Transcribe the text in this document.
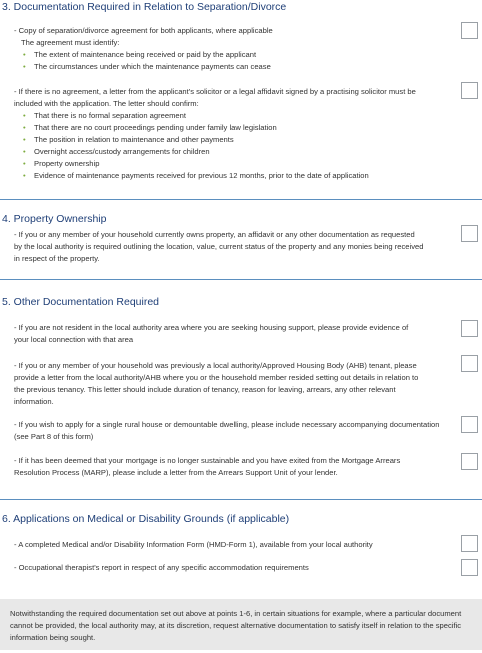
3. Documentation Required in Relation to Separation/Divorce

- Copy of separation/divorce agreement for both applicants, where applicable

The agreement must identify:

• The extent of maintenance being received or paid by the applicant
• The circumstances under which the maintenance payments can cease

- If there is no agreement, a letter from the applicant's solicitor or a legal affidavit signed by a practising solicitor must be included with the application. The letter should confirm:

• That there is no formal separation agreement
• That there are no court proceedings pending under family law legislation
• The position in relation to maintenance and other payments
• Overnight access/custody arrangements for children
• Property ownership
• Evidence of maintenance payments received for previous 12 months, prior to the date of application
4. Property Ownership

- If you or any member of your household currently owns property, an affidavit or any other documentation as requested by the local authority is required outlining the location, value, current status of the property and any monies being received in respect of the property.

5. Other Documentation Required

- If you are not resident in the local authority area where you are seeking housing support, please provide evidence of your local connection with that area

- If you or any member of your household was previously a local authority/Approved Housing Body (AHB) tenant, please provide a letter from the local authority/AHB where you or the household member resided setting out details in relation to the previous tenancy. This letter should include duration of tenancy, reason for leaving, arrears, any other relevant information.

- If you wish to apply for a single rural house or demountable dwelling, please include necessary accompanying documentation (see Part 8 of this form)

- If it has been deemed that your mortgage is no longer sustainable and you have exited from the Mortgage Arrears Resolution Process (MARP), please include a letter from the Arrears Support Unit of your lender.

6. Applications on Medical or Disability Grounds (if applicable)

- A completed Medical and/or Disability Information Form (HMD-Form 1), available from your local authority

- Occupational therapist's report in respect of any specific accommodation requirements

Notwithstanding the required documentation set out above at points 1-6, in certain situations for example, where a particular document cannot be provided, the local authority may, at its discretion, request alternative documentation to satisfy itself in relation to the specific information being sought.
